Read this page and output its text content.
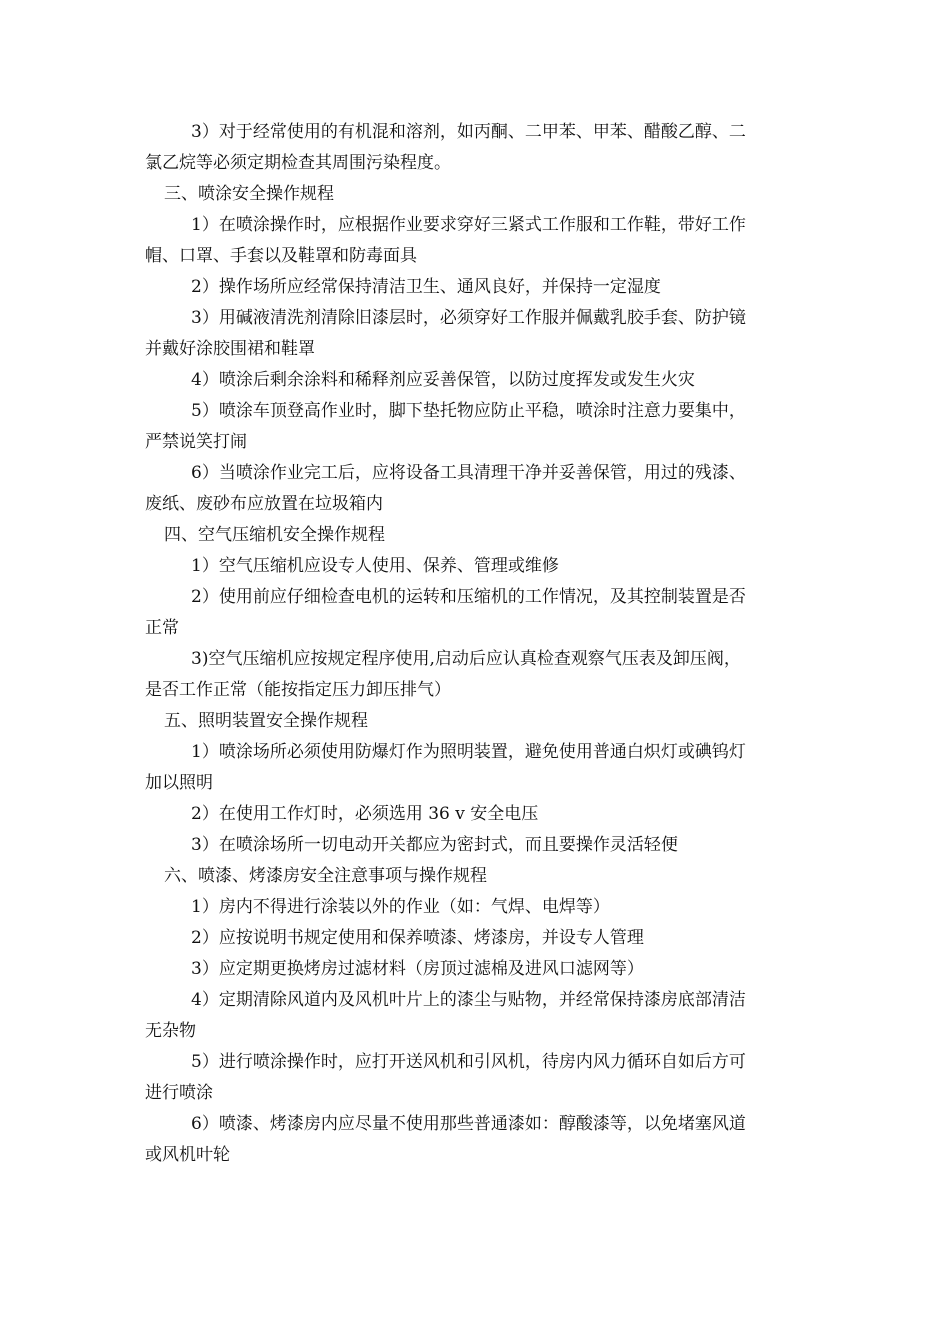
3）对于经常使用的有机混和溶剂，如丙酮、二甲苯、甲苯、醋酸乙醇、二
氯乙烷等必须定期检查其周围污染程度。
三、喷涂安全操作规程
1）在喷涂操作时，应根据作业要求穿好三紧式工作服和工作鞋，带好工作
帽、口罩、手套以及鞋罩和防毒面具
2）操作场所应经常保持清洁卫生、通风良好，并保持一定湿度
3）用碱液清洗剂清除旧漆层时，必须穿好工作服并佩戴乳胶手套、防护镜
并戴好涂胶围裙和鞋罩
4）喷涂后剩余涂料和稀释剂应妥善保管，以防过度挥发或发生火灾
5）喷涂车顶登高作业时，脚下垫托物应防止平稳，喷涂时注意力要集中，
严禁说笑打闹
6）当喷涂作业完工后，应将设备工具清理干净并妥善保管，用过的残漆、
废纸、废砂布应放置在垃圾箱内
四、空气压缩机安全操作规程
1）空气压缩机应设专人使用、保养、管理或维修
2）使用前应仔细检查电机的运转和压缩机的工作情况，及其控制装置是否
正常
3)空气压缩机应按规定程序使用,启动后应认真检查观察气压表及卸压阀，
是否工作正常（能按指定压力卸压排气）
五、照明装置安全操作规程
1）喷涂场所必须使用防爆灯作为照明装置，避免使用普通白炽灯或碘钨灯
加以照明
2）在使用工作灯时，必须选用 36 v 安全电压
3）在喷涂场所一切电动开关都应为密封式，而且要操作灵活轻便
六、喷漆、烤漆房安全注意事项与操作规程
1）房内不得进行涂装以外的作业（如：气焊、电焊等）
2）应按说明书规定使用和保养喷漆、烤漆房，并设专人管理
3）应定期更换烤房过滤材料（房顶过滤棉及进风口滤网等）
4）定期清除风道内及风机叶片上的漆尘与贴物，并经常保持漆房底部清洁
无杂物
5）进行喷涂操作时，应打开送风机和引风机，待房内风力循环自如后方可
进行喷涂
6）喷漆、烤漆房内应尽量不使用那些普通漆如：醇酸漆等，以免堵塞风道
或风机叶轮
